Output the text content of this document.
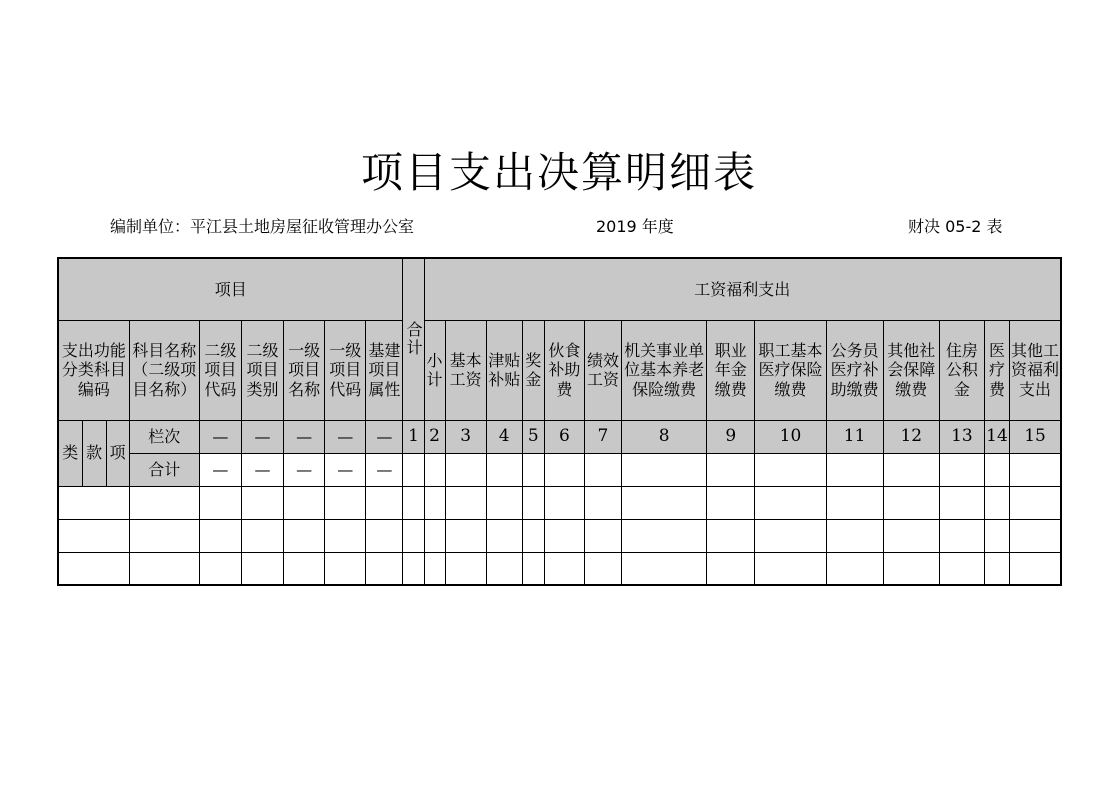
项目支出决算明细表
编制单位：平江县土地房屋征收管理办公室	2019 年度	财决 05-2 表
项目									合计	工资福利支出													
支出功能分类科目编码			科目名称（二级项目名称）	二级项目代码	二级项目类别	一级项目名称	一级项目代码	基建项目属性		小计	基本工资	津贴补贴	奖金	伙食补助费	绩效工资	机关事业单位基本养老保险缴费	职业年金缴费	职工基本医疗保险缴费	公务员医疗补助缴费	其他社会保障缴费	住房公积金	医疗费	其他工资福利支出
类	款	项	栏次	—	—	—	—	—	1	2	3	4	5	6	7	8	9	10	11	12	13	14	15
			合计	—	—	—	—	—															
